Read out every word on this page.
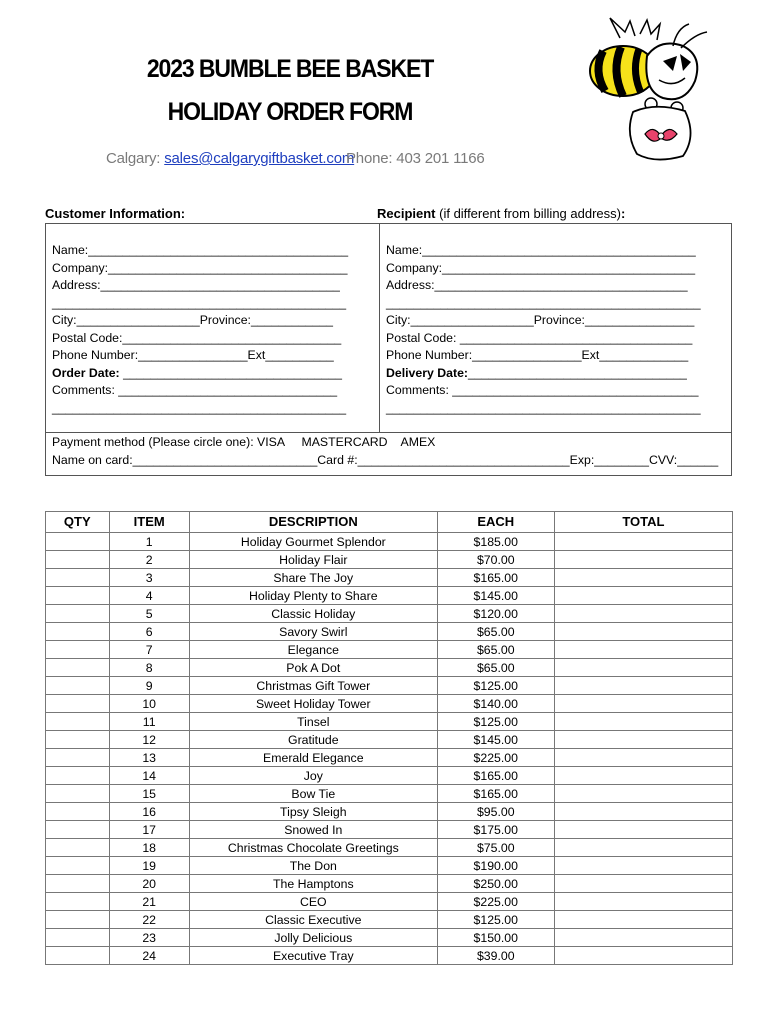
2023 BUMBLE BEE BASKET
HOLIDAY ORDER FORM
Calgary: sales@calgarygiftbasket.com
Phone: 403 201 1166
Customer Information:	Recipient (if different from billing address):
Name:______________________________________
Company:___________________________________
Address:___________________________________
___________________________________________
City:__________________Province:____________
Postal Code:________________________________
Phone Number:________________Ext__________
Order Date: ________________________________
Comments: ________________________________
___________________________________________
Name:________________________________________
Company:_____________________________________
Address:_____________________________________
______________________________________________
City:__________________Province:________________
Postal Code: __________________________________
Phone Number:________________Ext_____________
Delivery Date:________________________________
Comments: ____________________________________
______________________________________________
Payment method (Please circle one): VISA     MASTERCARD    AMEX
Name on card:___________________________Card #:_______________________________Exp:________CVV:______
QTY	ITEM	DESCRIPTION	EACH	TOTAL
	1	Holiday Gourmet Splendor	$185.00	
	2	Holiday Flair	$70.00	
	3	Share The Joy	$165.00	
	4	Holiday Plenty to Share	$145.00	
	5	Classic Holiday	$120.00	
	6	Savory Swirl	$65.00	
	7	Elegance	$65.00	
	8	Pok A Dot	$65.00	
	9	Christmas Gift Tower	$125.00	
	10	Sweet Holiday Tower	$140.00	
	11	Tinsel	$125.00	
	12	Gratitude	$145.00	
	13	Emerald Elegance	$225.00	
	14	Joy	$165.00	
	15	Bow Tie	$165.00	
	16	Tipsy Sleigh	$95.00	
	17	Snowed In	$175.00	
	18	Christmas Chocolate Greetings	$75.00	
	19	The Don	$190.00	
	20	The Hamptons	$250.00	
	21	CEO	$225.00	
	22	Classic Executive	$125.00	
	23	Jolly Delicious	$150.00	
	24	Executive Tray	$39.00	
